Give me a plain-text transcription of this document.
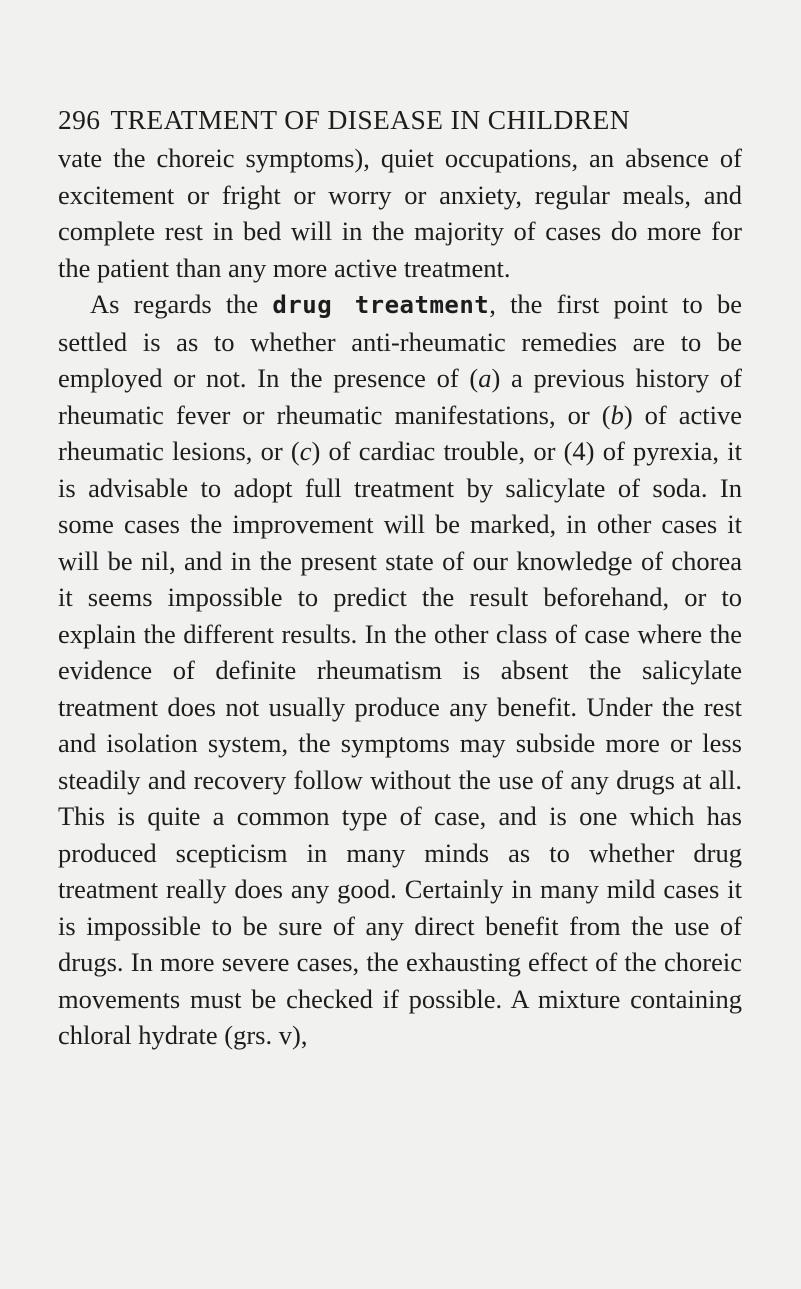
296 TREATMENT OF DISEASE IN CHILDREN

vate the choreic symptoms), quiet occupations, an absence of excitement or fright or worry or anxiety, regular meals, and complete rest in bed will in the majority of cases do more for the patient than any more active treatment.

As regards the drug treatment, the first point to be settled is as to whether anti-rheumatic remedies are to be employed or not. In the presence of (a) a previous history of rheumatic fever or rheumatic manifestations, or (b) of active rheumatic lesions, or (c) of cardiac trouble, or (4) of pyrexia, it is advisable to adopt full treatment by salicylate of soda. In some cases the improvement will be marked, in other cases it will be nil, and in the present state of our knowledge of chorea it seems impossible to predict the result beforehand, or to explain the different results. In the other class of case where the evidence of definite rheumatism is absent the salicylate treatment does not usually produce any benefit. Under the rest and isolation system, the symptoms may subside more or less steadily and recovery follow without the use of any drugs at all. This is quite a common type of case, and is one which has produced scepticism in many minds as to whether drug treatment really does any good. Certainly in many mild cases it is impossible to be sure of any direct benefit from the use of drugs. In more severe cases, the exhausting effect of the choreic movements must be checked if possible. A mixture containing chloral hydrate (grs. v),
